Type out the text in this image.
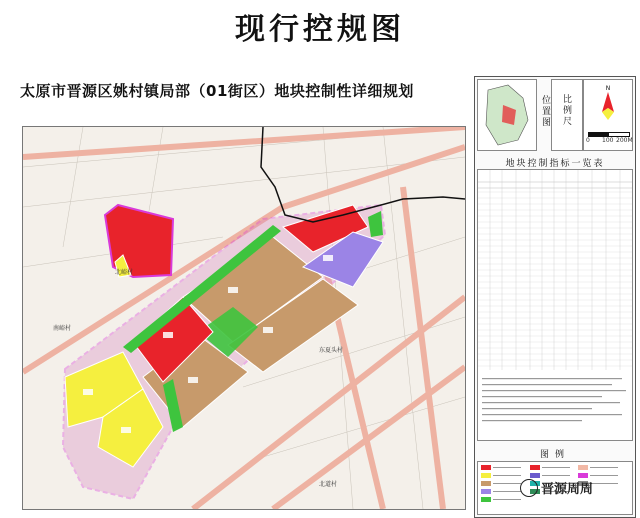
现行控规图
太原市晋源区姚村镇局部（01街区）地块控制性详细规划
南峪村
东夏头村
北道村
北峪村
位置图 比例尺
N
0 100 200M
地块控制指标一览表
图例
晋源周周
